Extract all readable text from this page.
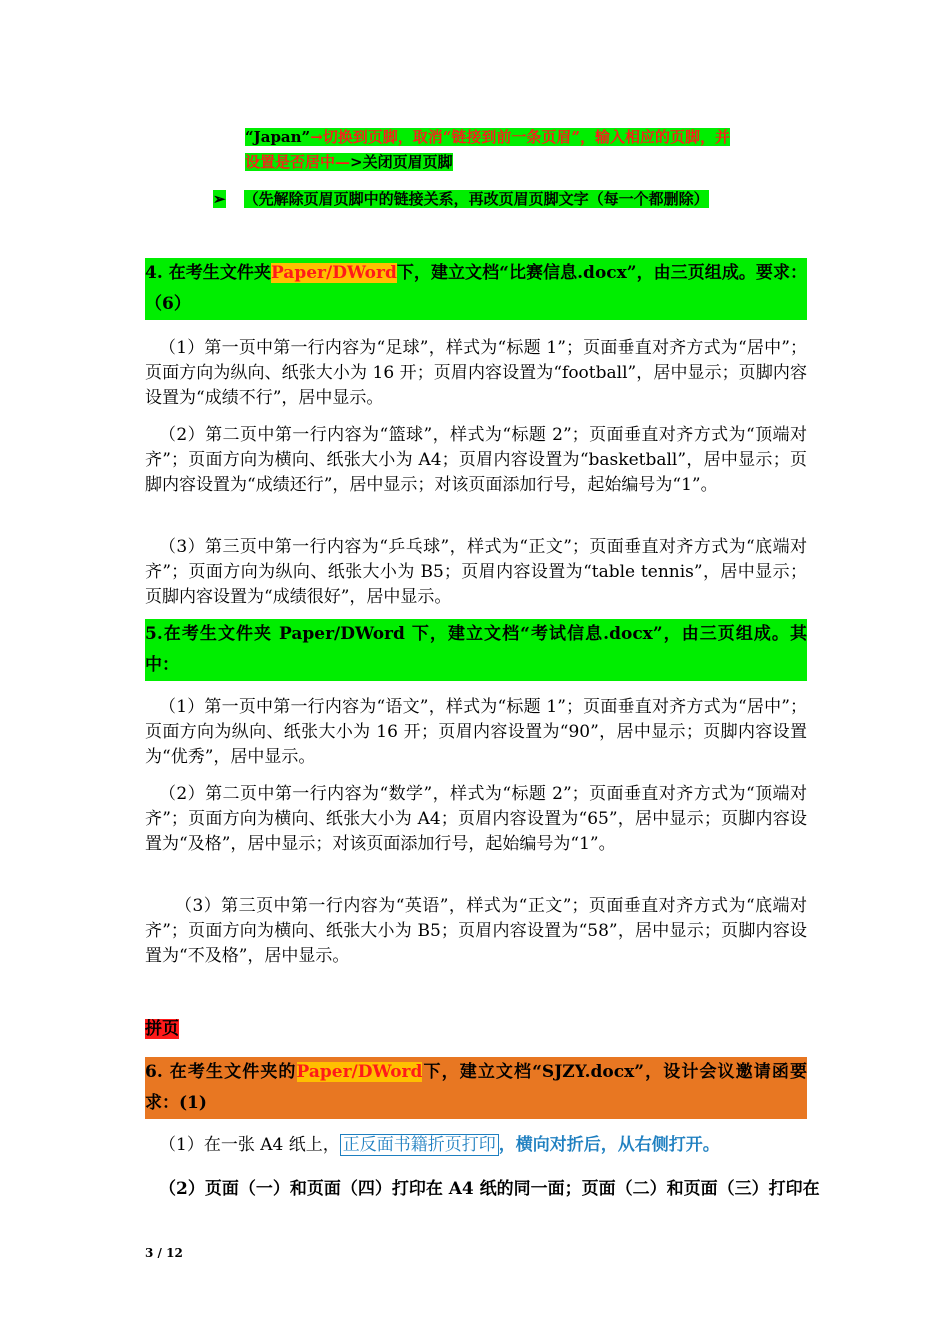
“Japan”→切换到页脚，取消“链接到前一条页眉”，输入相应的页脚，并
设置是否居中—>关闭页眉页脚
➢ （先解除页眉页脚中的链接关系，再改页眉页脚文字（每一个都删除）
4. 在考生文件夹Paper/DWord下，建立文档“比赛信息.docx”，由三页组成。要求：（6）
（1）第一页中第一行内容为“足球”，样式为“标题 1”；页面垂直对齐方式为“居中”；页面方向为纵向、纸张大小为 16 开；页眉内容设置为“football”，居中显示；页脚内容设置为“成绩不行”，居中显示。
（2）第二页中第一行内容为“篮球”，样式为“标题 2”；页面垂直对齐方式为“顶端对齐”；页面方向为横向、纸张大小为 A4；页眉内容设置为“basketball”，居中显示；页脚内容设置为“成绩还行”，居中显示；对该页面添加行号，起始编号为“1”。
（3）第三页中第一行内容为“乒乓球”，样式为“正文”；页面垂直对齐方式为“底端对齐”；页面方向为纵向、纸张大小为 B5；页眉内容设置为“table tennis”，居中显示；页脚内容设置为“成绩很好”，居中显示。
5.在考生文件夹 Paper/DWord 下，建立文档“考试信息.docx”，由三页组成。其中：
（1）第一页中第一行内容为“语文”，样式为“标题 1”；页面垂直对齐方式为“居中”；页面方向为纵向、纸张大小为 16 开；页眉内容设置为“90”，居中显示；页脚内容设置为“优秀”，居中显示。
（2）第二页中第一行内容为“数学”，样式为“标题 2”；页面垂直对齐方式为“顶端对齐”；页面方向为横向、纸张大小为 A4；页眉内容设置为“65”，居中显示；页脚内容设置为“及格”，居中显示；对该页面添加行号，起始编号为“1”。
（3）第三页中第一行内容为“英语”，样式为“正文”；页面垂直对齐方式为“底端对齐”；页面方向为横向、纸张大小为 B5；页眉内容设置为“58”，居中显示；页脚内容设置为“不及格”，居中显示。
拼页
6. 在考生文件夹的Paper/DWord下，建立文档“SJZY.docx”，设计会议邀请函要求：(1)
（1）在一张 A4 纸上， 正反面书籍折页打印 ，横向对折后，从右侧打开。
（2）页面（一）和页面（四）打印在 A4 纸的同一面；页面（二）和页面（三）打印在
3 / 12
